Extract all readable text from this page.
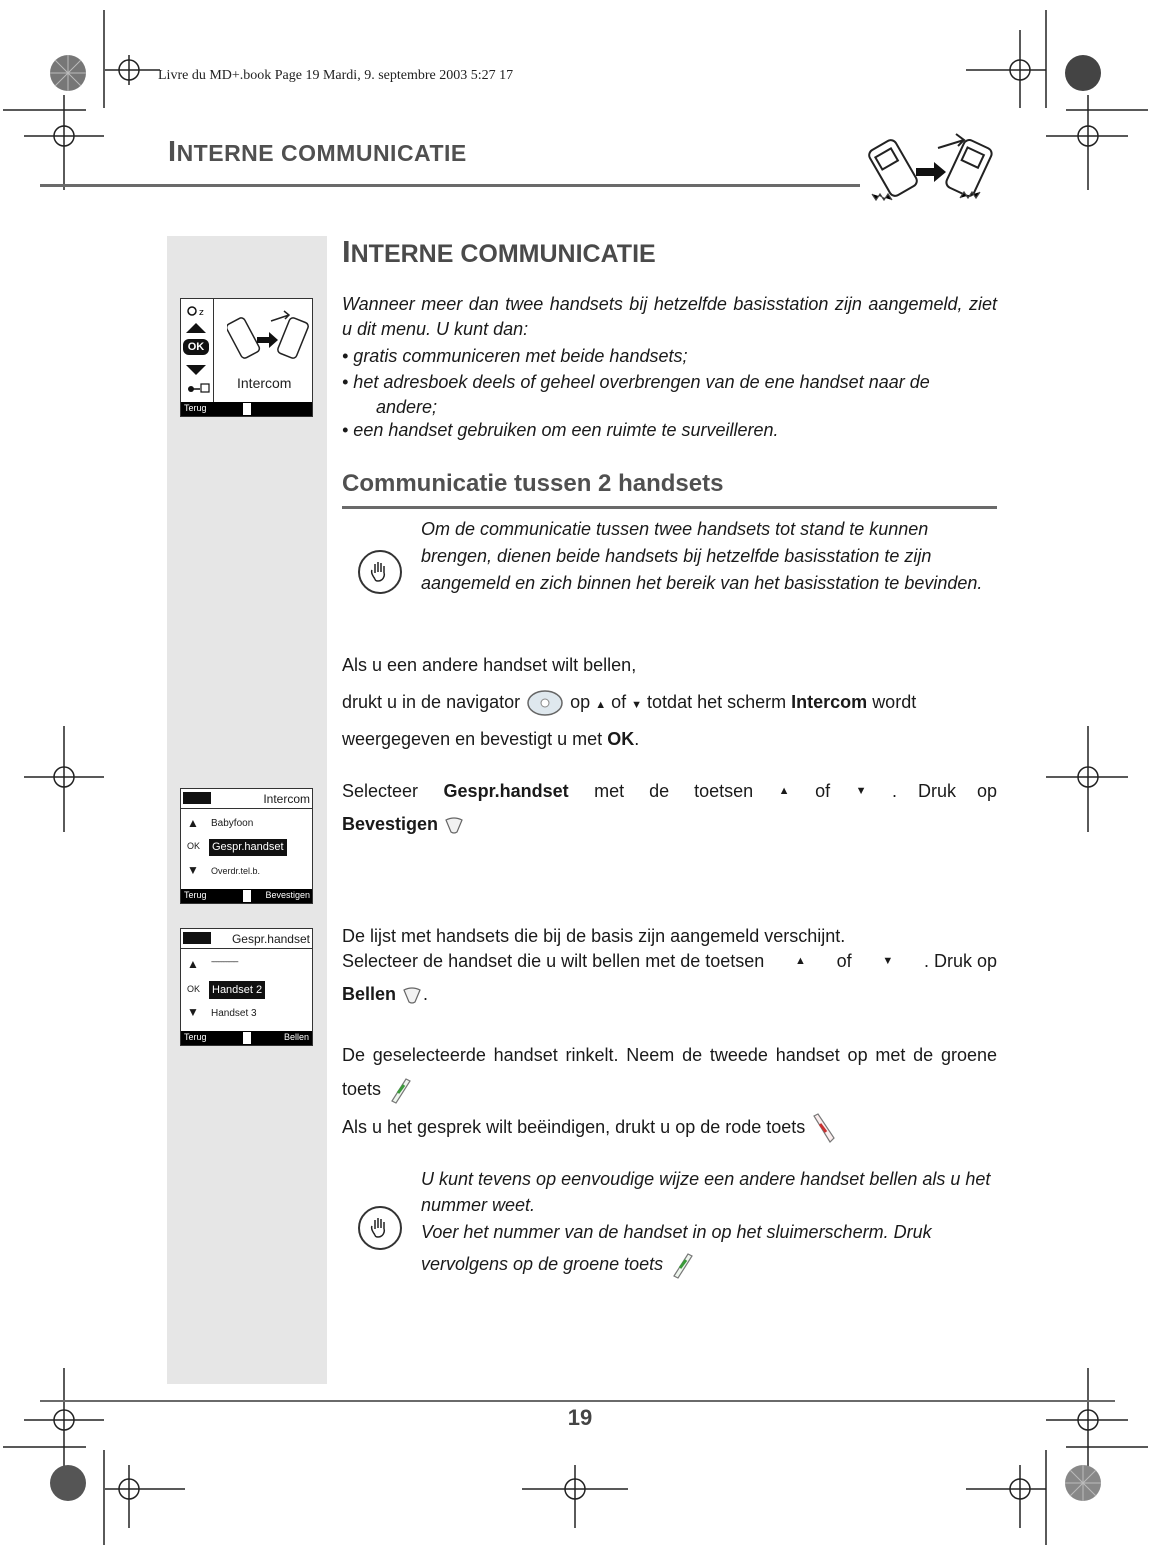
Livre du MD+.book Page 19 Mardi, 9. septembre 2003 5:27 17
INTERNE COMMUNICATIE
z
OK
Intercom
Terug
Intercom
▲ Babyfoon
OK Gespr.handset
▼ Overdr.tel.b.
Terug	Bevestigen
Gespr.handset
▲ ----------------
OK Handset 2
▼ Handset 3
Terug	Bellen
INTERNE COMMUNICATIE
Wanneer meer dan twee handsets bij hetzelfde basisstation zijn aangemeld, ziet u dit menu. U kunt dan:
• gratis communiceren met beide handsets;
• het adresboek deels of geheel overbrengen van de ene handset naar de andere;
• een handset gebruiken om een ruimte te surveilleren.
Communicatie tussen 2 handsets
Om de communicatie tussen twee handsets tot stand te kunnen brengen, dienen beide handsets bij hetzelfde basisstation te zijn aangemeld en zich binnen het bereik van het basisstation te bevinden.
Als u een andere handset wilt bellen,
drukt u in de navigator	op ▲ of ▼ totdat het scherm Intercom wordt
weergegeven en bevestigt u met OK.
Selecteer Gespr.handset met de toetsen ▲ of ▼ . Druk op
Bevestigen
De lijst met handsets die bij de basis zijn aangemeld verschijnt.
Selecteer de handset die u wilt bellen met de toetsen	▲ of	▼ . Druk op
Bellen .
De geselecteerde handset rinkelt. Neem de tweede handset op met de groene toets
Als u het gesprek wilt beëindigen, drukt u op de rode toets
U kunt tevens op eenvoudige wijze een andere handset bellen als u het nummer weet.
Voer het nummer van de handset in op het sluimerscherm. Druk vervolgens op de groene toets
19
